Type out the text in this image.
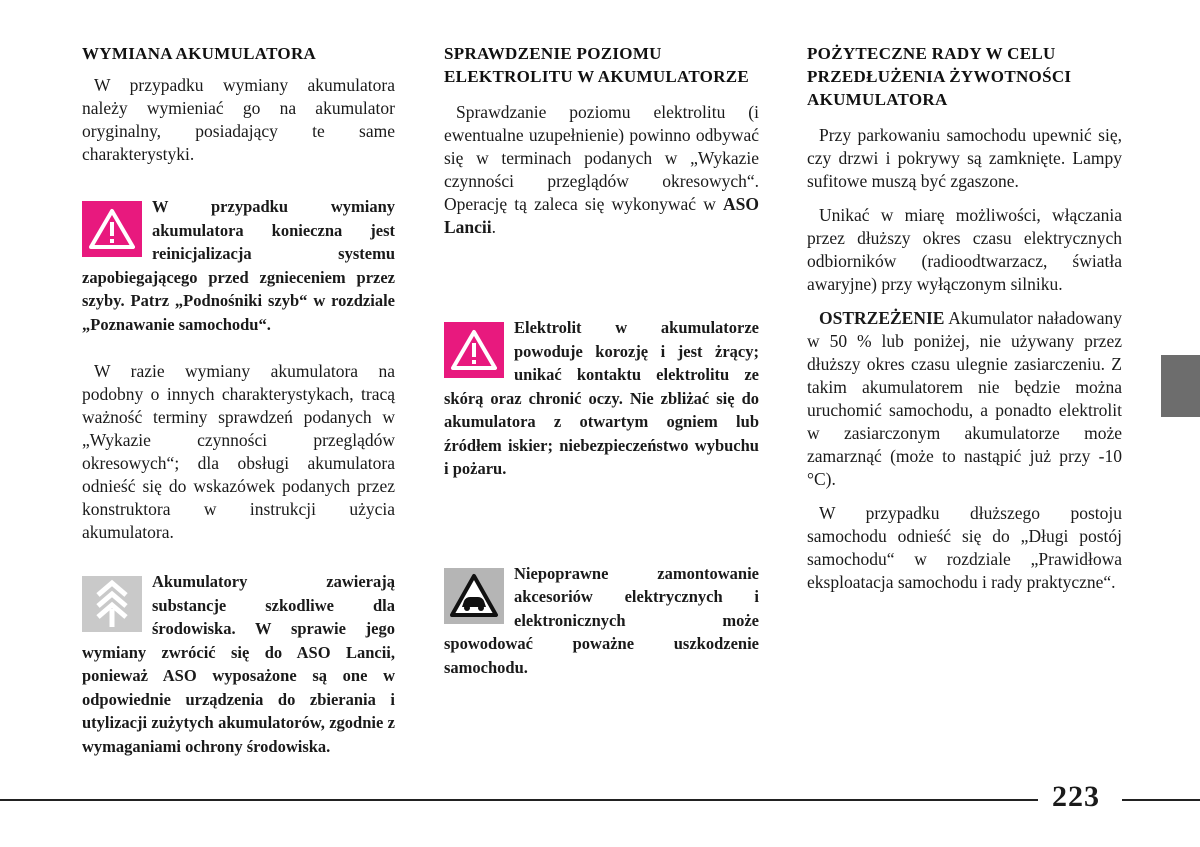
WYMIANA AKUMULATORA

W przypadku wymiany akumulatora należy wymieniać go na akumulator oryginalny, posiadający te same charakterystyki.

W przypadku wymiany akumulatora konieczna jest reinicjalizacja systemu zapobiegającego przed zgnieceniem przez szyby. Patrz „Podnośniki szyb“ w rozdziale „Poznawanie samochodu“.

W razie wymiany akumulatora na podobny o innych charakterystykach, tracą ważność terminy sprawdzeń podanych w „Wykazie czynności przeglądów okresowych“; dla obsługi akumulatora odnieść się do wskazówek podanych przez konstruktora w instrukcji użycia akumulatora.

Akumulatory zawierają substancje szkodliwe dla środowiska. W sprawie jego wymiany zwrócić się do ASO Lancii, ponieważ ASO wyposażone są one w odpowiednie urządzenia do zbierania i utylizacji zużytych akumulatorów, zgodnie z wymaganiami ochrony środowiska.

SPRAWDZENIE POZIOMU ELEKTROLITU W AKUMULATORZE

Sprawdzanie poziomu elektrolitu (i ewentualne uzupełnienie) powinno odbywać się w terminach podanych w „Wykazie czynności przeglądów okresowych“. Operację tą zaleca się wykonywać w ASO Lancii.

Elektrolit w akumulatorze powoduje korozję i jest żrący; unikać kontaktu elektrolitu ze skórą oraz chronić oczy. Nie zbliżać się do akumulatora z otwartym ogniem lub źródłem iskier; niebezpieczeństwo wybuchu i pożaru.

Niepoprawne zamontowanie akcesoriów elektrycznych i elektronicznych może spowodować poważne uszkodzenie samochodu.

POŻYTECZNE RADY W CELU PRZEDŁUŻENIA ŻYWOTNOŚCI AKUMULATORA

Przy parkowaniu samochodu upewnić się, czy drzwi i pokrywy są zamknięte. Lampy sufitowe muszą być zgaszone.

Unikać w miarę możliwości, włączania przez dłuższy okres czasu elektrycznych odbiorników (radioodtwarzacz, światła awaryjne) przy wyłączonym silniku.

OSTRZEŻENIE Akumulator naładowany w 50 % lub poniżej, nie używany przez dłuższy okres czasu ulegnie zasiarczeniu. Z takim akumulatorem nie będzie można uruchomić samochodu, a ponadto elektrolit w zasiarczonym akumulatorze może zamarznąć (może to nastąpić już przy -10 °C).

W przypadku dłuższego postoju samochodu odnieść się do „Długi postój samochodu“ w rozdziale „Prawidłowa eksploatacja samochodu i rady praktyczne“.

223
